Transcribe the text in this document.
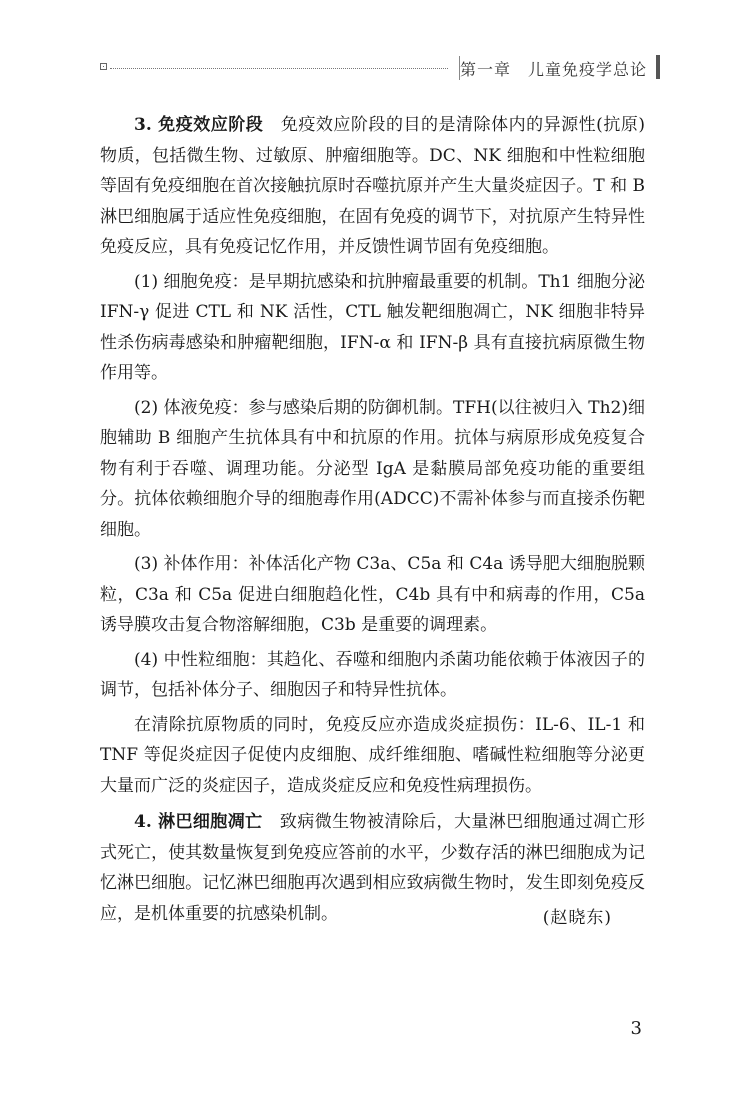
第一章　儿童免疫学总论

3. 免疫效应阶段　免疫效应阶段的目的是清除体内的异源性(抗原)物质，包括微生物、过敏原、肿瘤细胞等。DC、NK 细胞和中性粒细胞等固有免疫细胞在首次接触抗原时吞噬抗原并产生大量炎症因子。T 和 B 淋巴细胞属于适应性免疫细胞，在固有免疫的调节下，对抗原产生特异性免疫反应，具有免疫记忆作用，并反馈性调节固有免疫细胞。

(1) 细胞免疫：是早期抗感染和抗肿瘤最重要的机制。Th1 细胞分泌 IFN-γ 促进 CTL 和 NK 活性，CTL 触发靶细胞凋亡，NK 细胞非特异性杀伤病毒感染和肿瘤靶细胞，IFN-α 和 IFN-β 具有直接抗病原微生物作用等。

(2) 体液免疫：参与感染后期的防御机制。TFH(以往被归入 Th2)细胞辅助 B 细胞产生抗体具有中和抗原的作用。抗体与病原形成免疫复合物有利于吞噬、调理功能。分泌型 IgA 是黏膜局部免疫功能的重要组分。抗体依赖细胞介导的细胞毒作用(ADCC)不需补体参与而直接杀伤靶细胞。

(3) 补体作用：补体活化产物 C3a、C5a 和 C4a 诱导肥大细胞脱颗粒，C3a 和 C5a 促进白细胞趋化性，C4b 具有中和病毒的作用，C5a 诱导膜攻击复合物溶解细胞，C3b 是重要的调理素。

(4) 中性粒细胞：其趋化、吞噬和细胞内杀菌功能依赖于体液因子的调节，包括补体分子、细胞因子和特异性抗体。

在清除抗原物质的同时，免疫反应亦造成炎症损伤：IL-6、IL-1 和 TNF 等促炎症因子促使内皮细胞、成纤维细胞、嗜碱性粒细胞等分泌更大量而广泛的炎症因子，造成炎症反应和免疫性病理损伤。

4. 淋巴细胞凋亡　致病微生物被清除后，大量淋巴细胞通过凋亡形式死亡，使其数量恢复到免疫应答前的水平，少数存活的淋巴细胞成为记忆淋巴细胞。记忆淋巴细胞再次遇到相应致病微生物时，发生即刻免疫反应，是机体重要的抗感染机制。	(赵晓东)
3
